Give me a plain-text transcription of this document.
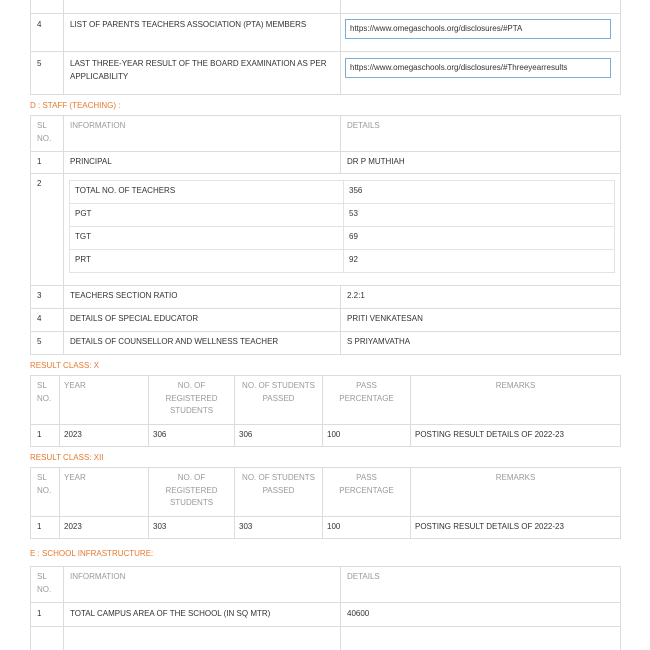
4	LIST OF PARENTS TEACHERS ASSOCIATION (PTA) MEMBERS	https://www.omegaschools.org/disclosures/#PTA

5	LAST THREE-YEAR RESULT OF THE BOARD EXAMINATION AS PER APPLICABILITY	https://www.omegaschools.org/disclosures/#Threeyearresults
D : STAFF (TEACHING) :
SL NO.	INFORMATION	DETAILS
1	PRINCIPAL	DR P MUTHIAH
2	
TOTAL NO. OF TEACHERS	356
PGT	53
TGT	69
PRT	92

3	TEACHERS SECTION RATIO	2.2:1
4	DETAILS OF SPECIAL EDUCATOR	PRITI VENKATESAN
5	DETAILS OF COUNSELLOR AND WELLNESS TEACHER	S PRIYAMVATHA
RESULT CLASS: X
SL NO.	YEAR	NO. OF REGISTERED STUDENTS	NO. OF STUDENTS PASSED	PASS PERCENTAGE	REMARKS
1	2023	306	306	100	POSTING RESULT DETAILS OF 2022-23
RESULT CLASS: XII
SL NO.	YEAR	NO. OF REGISTERED STUDENTS	NO. OF STUDENTS PASSED	PASS PERCENTAGE	REMARKS
1	2023	303	303	100	POSTING RESULT DETAILS OF 2022-23
E : SCHOOL INFRASTRUCTURE:
SL NO.	INFORMATION	DETAILS
1	TOTAL CAMPUS AREA OF THE SCHOOL (IN SQ MTR)	40600
